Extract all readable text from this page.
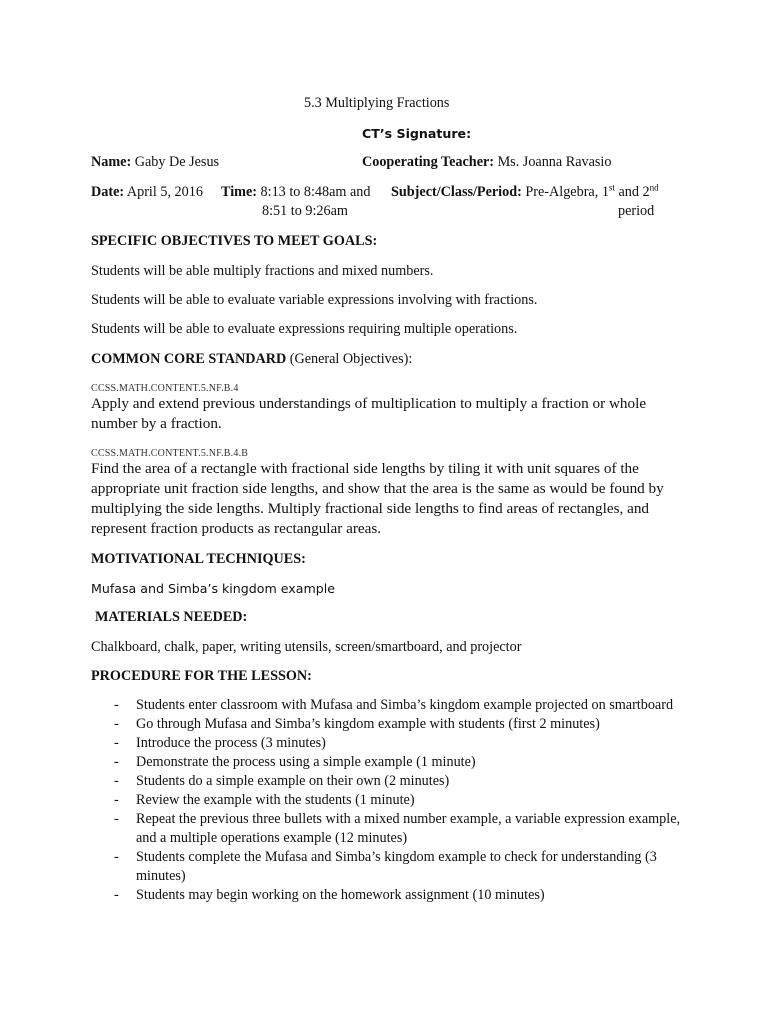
5.3 Multiplying Fractions
CT’s Signature:
Name: Gaby De Jesus	Cooperating Teacher: Ms. Joanna Ravasio
Date: April 5, 2016 Time: 8:13 to 8:48am and
8:51 to 9:26am
Subject/Class/Period: Pre-Algebra, 1st and 2nd
period
SPECIFIC OBJECTIVES TO MEET GOALS:
Students will be able multiply fractions and mixed numbers.
Students will be able to evaluate variable expressions involving with fractions.
Students will be able to evaluate expressions requiring multiple operations.
COMMON CORE STANDARD (General Objectives):
CCSS.MATH.CONTENT.5.NF.B.4
Apply and extend previous understandings of multiplication to multiply a fraction or whole number by a fraction.
CCSS.MATH.CONTENT.5.NF.B.4.B
Find the area of a rectangle with fractional side lengths by tiling it with unit squares of the appropriate unit fraction side lengths, and show that the area is the same as would be found by multiplying the side lengths. Multiply fractional side lengths to find areas of rectangles, and represent fraction products as rectangular areas.
MOTIVATIONAL TECHNIQUES:
Mufasa and Simba’s kingdom example
MATERIALS NEEDED:
Chalkboard, chalk, paper, writing utensils, screen/smartboard, and projector
PROCEDURE FOR THE LESSON:
- Students enter classroom with Mufasa and Simba’s kingdom example projected on smartboard
- Go through Mufasa and Simba’s kingdom example with students (first 2 minutes)
- Introduce the process (3 minutes)
- Demonstrate the process using a simple example (1 minute)
- Students do a simple example on their own (2 minutes)
- Review the example with the students (1 minute)
- Repeat the previous three bullets with a mixed number example, a variable expression example, and a multiple operations example (12 minutes)
- Students complete the Mufasa and Simba’s kingdom example to check for understanding (3 minutes)
- Students may begin working on the homework assignment (10 minutes)
